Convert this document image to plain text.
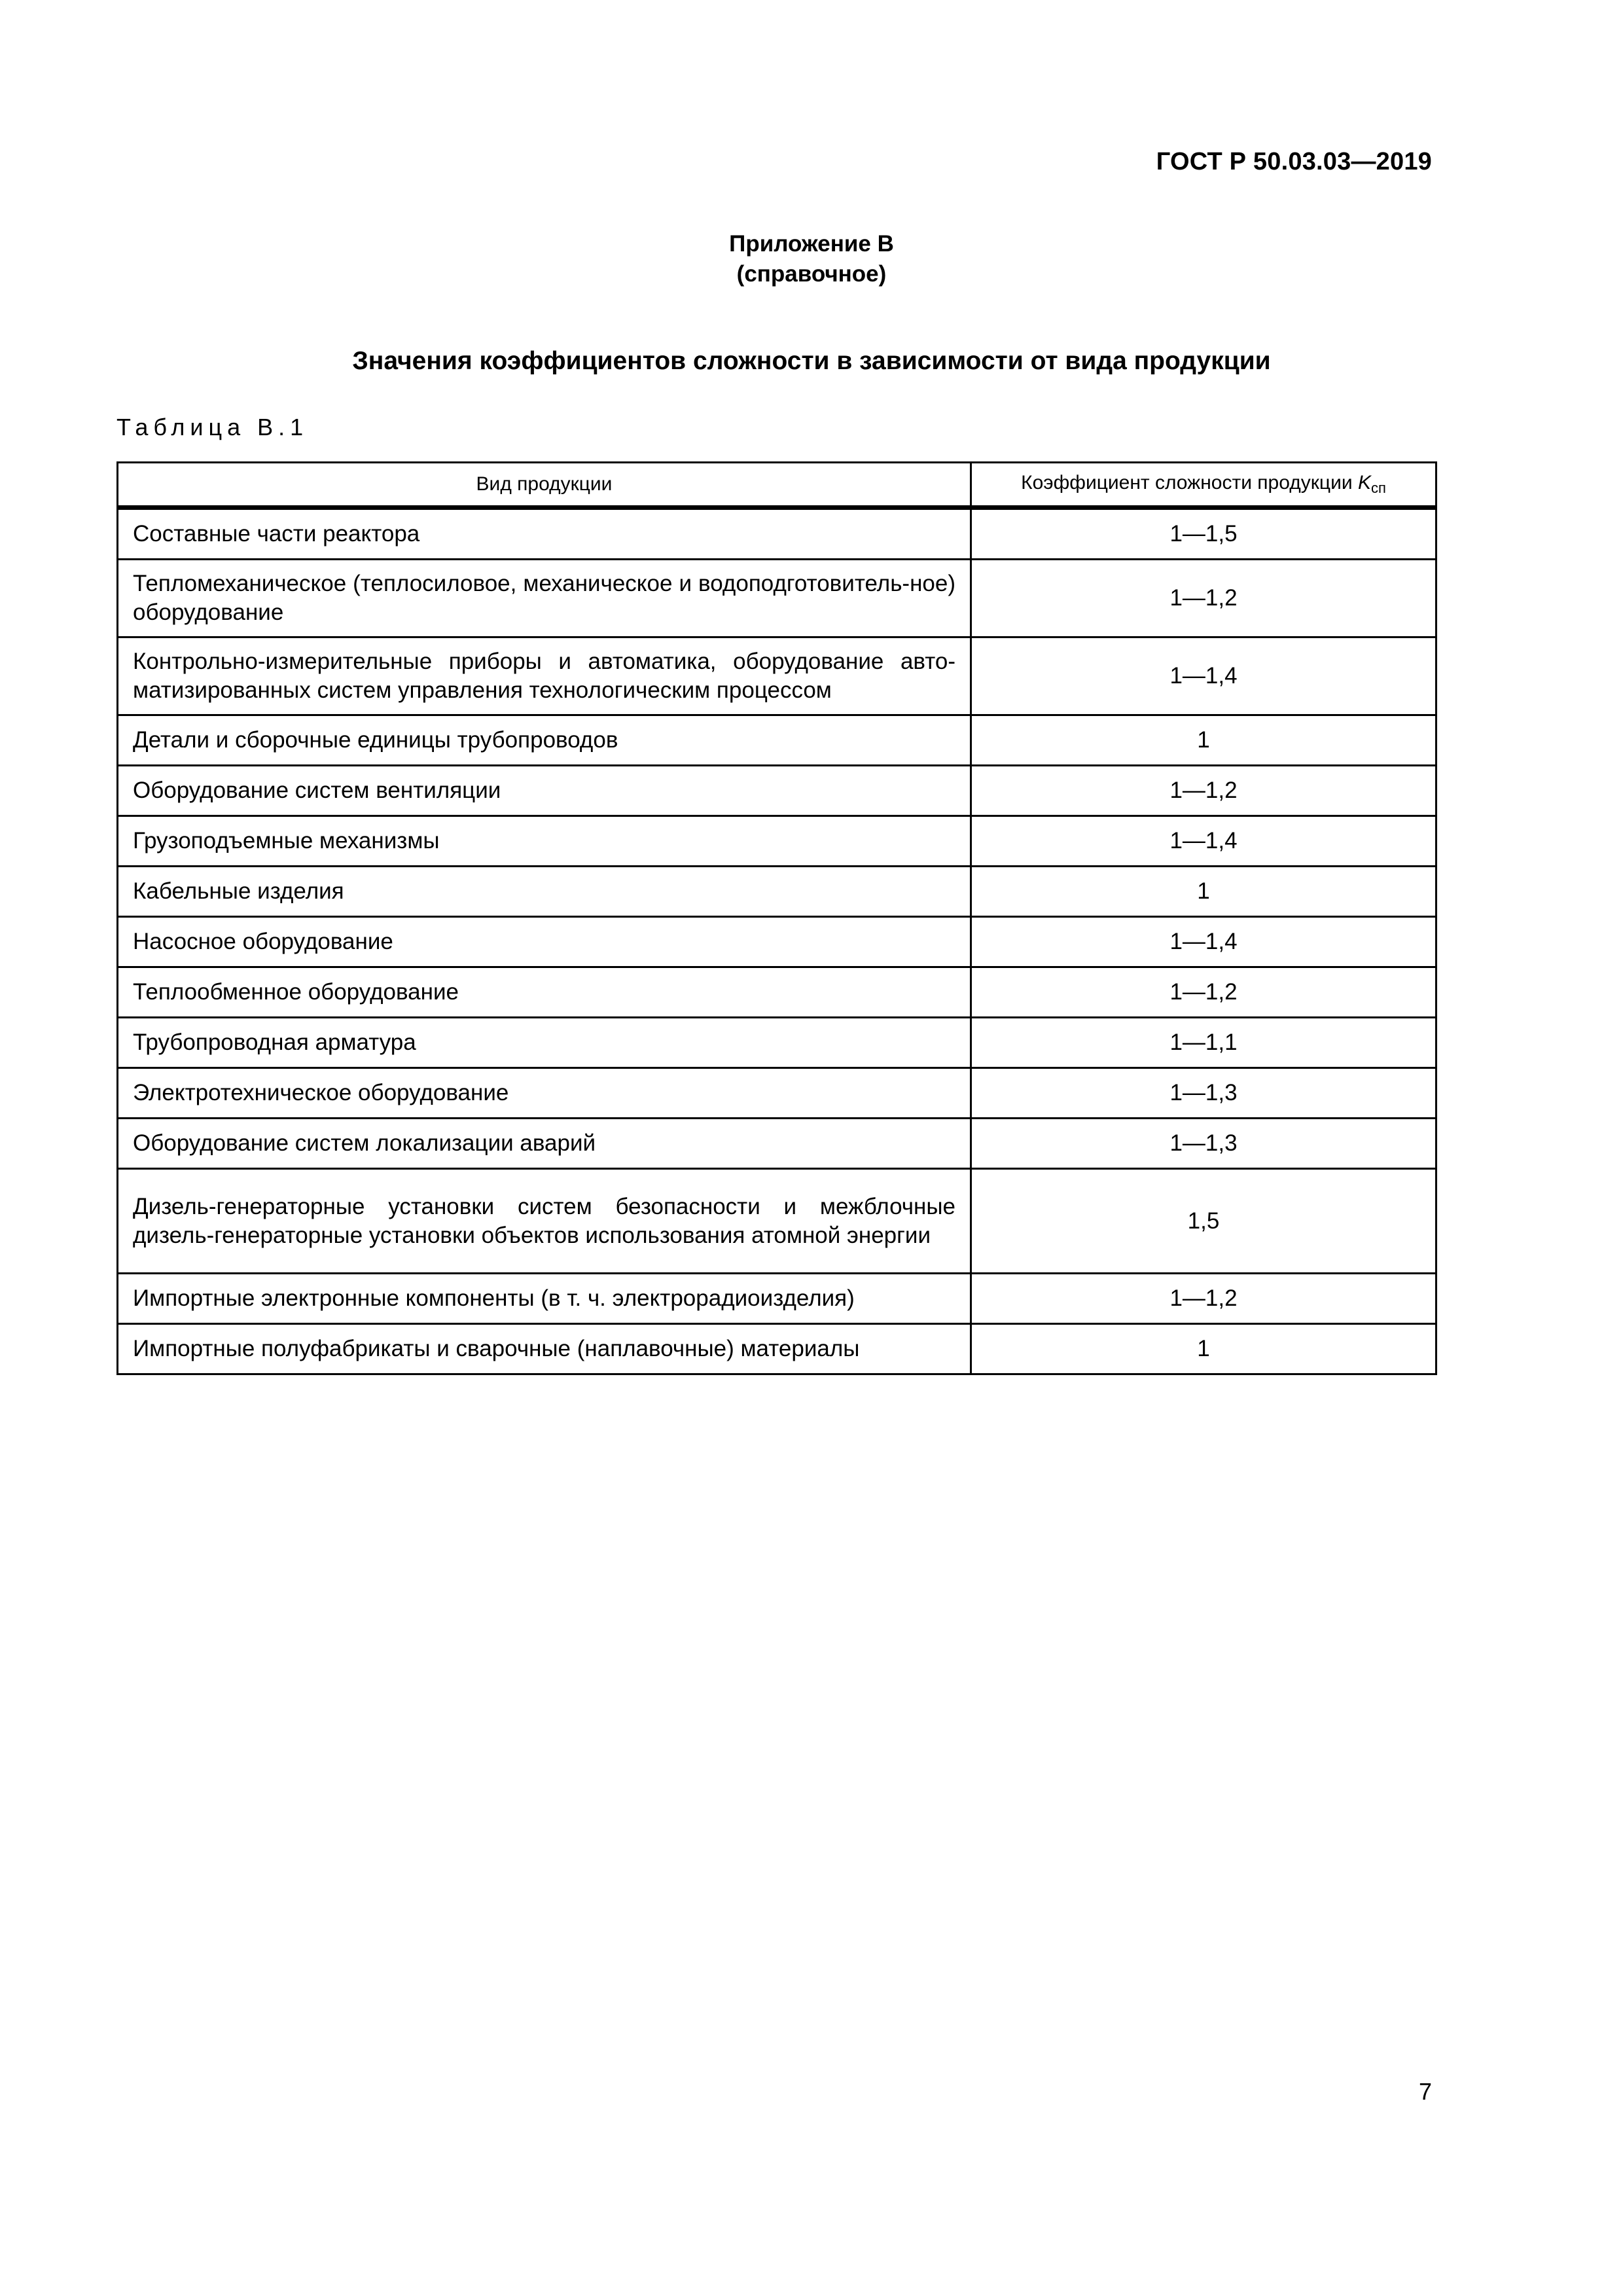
ГОСТ Р 50.03.03—2019
Приложение В
(справочное)
Значения коэффициентов сложности в зависимости от вида продукции
Таблица В.1
Вид продукции	Коэффициент сложности продукции $K_{сп}$
Составные части реактора	1—1,5
Тепломеханическое (теплосиловое, механическое и водоподготовитель-ное) оборудование	1—1,2
Контрольно-измерительные приборы и автоматика, оборудование авто-матизированных систем управления технологическим процессом	1—1,4
Детали и сборочные единицы трубопроводов	1
Оборудование систем вентиляции	1—1,2
Грузоподъемные механизмы	1—1,4
Кабельные изделия	1
Насосное оборудование	1—1,4
Теплообменное оборудование	1—1,2
Трубопроводная арматура	1—1,1
Электротехническое оборудование	1—1,3
Оборудование систем локализации аварий	1—1,3
Дизель-генераторные установки систем безопасности и межблочные дизель-генераторные установки объектов использования атомной энергии	1,5
Импортные электронные компоненты (в т. ч. электрорадиоизделия)	1—1,2
Импортные полуфабрикаты и сварочные (наплавочные) материалы	1
7
